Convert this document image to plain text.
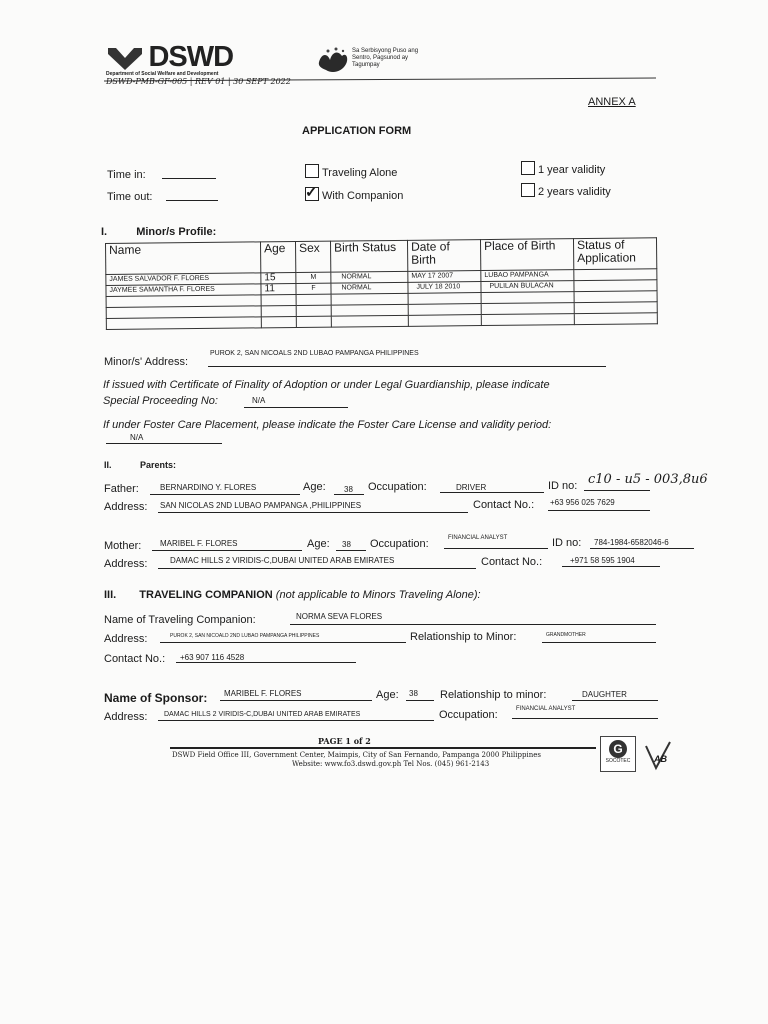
DSWD
Department of Social Welfare and Development
DSWD-PMB-GF-005 | REV 01 | 30 SEPT 2022
Sa Serbisyong Puso ang Sentro, Pagsunod ay Tagumpay
ANNEX A
APPLICATION FORM
Time in:
Time out:
Traveling Alone
✓With Companion
1 year validity
2 years validity
I.	Minor/s Profile:
Name	Age	Sex	Birth Status	Date of Birth	Place of Birth	Status of Application
JAMES SALVADOR F. FLORES	15	M	NORMAL	MAY 17 2007	LUBAO PAMPANGA	
JAYMEE SAMANTHA F. FLORES	11	F	NORMAL	JULY 18 2010	PULILAN BULACAN	

Minor/s' Address:
PUROK 2, SAN NICOALS 2ND LUBAO PAMPANGA PHILIPPINES
If issued with Certificate of Finality of Adoption or under Legal Guardianship, please indicate
Special Proceeding No:	N/A
If under Foster Care Placement, please indicate the Foster Care License and validity period:
N/A
II.	Parents:
Father:	BERNARDINO Y. FLORES	Age: 38 Occupation:	DRIVER	ID no: c10 - u5 - 003,8u6
Address: SAN NICOLAS 2ND LUBAO PAMPANGA ,PHILIPPINES	Contact No.: +63 956 025 7629
Mother: MARIBEL F. FLORES	Age: 38 Occupation:	FINANCIAL ANALYST	ID no: 784-1984-6582046-6
Address:	DAMAC HILLS 2 VIRIDIS-C,DUBAI UNITED ARAB EMIRATES	Contact No.:	+971 58 595 1904
III. TRAVELING COMPANION (not applicable to Minors Traveling Alone):
Name of Traveling Companion:	NORMA SEVA FLORES
Address:	PUROK 2, SAN NICOALD 2ND LUBAO PAMPANGA PHILIPPINES	Relationship to Minor:	GRANDMOTHER
Contact No.: +63 907 116 4528
Name of Sponsor: MARIBEL F. FLORES	Age: 38 Relationship to minor:	DAUGHTER
Address: DAMAC HILLS 2 VIRIDIS-C,DUBAI UNITED ARAB EMIRATES	Occupation:	FINANCIAL ANALYST
PAGE 1 of 2
DSWD Field Office III, Government Center, Maimpis, City of San Fernando, Pampanga 2000 Philippines
Website: www.fo3.dswd.gov.ph Tel Nos. (045) 961-2143
G
SOCOTEC	AB
